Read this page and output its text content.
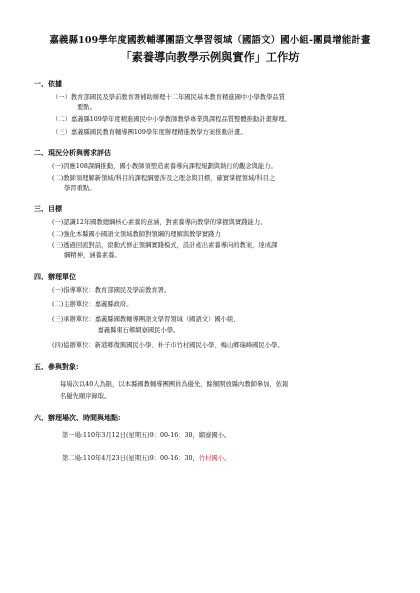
嘉義縣109學年度國教輔導團語文學習領域（國語文）國小組-團員增能計畫
「素養導向教學示例與實作」工作坊
一、依據
（一）教育部國民及學前教育署補助辦理十二年國民基本教育精進國中小學教學品質
要點。
（二）嘉義縣109學年度精進國民中小學教師教學專業與課程品質整體推動計畫辦理。
（三）嘉義縣國民教育輔導團109學年度辦理精進教學方案推動計畫。
二、現況分析與需求評估
(一)因應108課綱推動，國小教師須塑造素養導向課程規劃與執行的觀念與能力。
(二)教師須理解新領域/科目的課程綱要涉及之理念與目標，確實掌握領域/科目之
學習重點。
三、目標
(一)認識12年國教總綱核心素養的意涵，對素養導向教學的掌握與實踐能力。
(二)強化本縣國小國語文領域教師對領綱的理解與教學實踐力
(三)透過回流對話，滾動式修正領綱實踐模式，設計產出素養導向的教案，達成課
綱精神，涵養素養。
四、辦理單位
(一)指導單位：教育部國民及學前教育署。
(二)主辦單位：嘉義縣政府。
(三)承辦單位：嘉義縣國教輔導團語文學習領域（國語文）國小組、
　　　　　嘉義縣東石鄉網寮國民小學。
(四)協辦單位：新港鄉復興國民小學、朴子市竹村國民小學、梅山鄉瑞峰國民小學。
五、參與對象:
每場次以40人為限，以本縣國教輔導團團員為優先，餘額開放縣內教師參加，依報
名優先順序錄取。
六、辦理場次、時間與地點:
第一場:110年3月12日(星期五)9：00-16：30，網寮國小。
第二場:110年4月23日(星期五)9：00-16：30，竹村國小。
